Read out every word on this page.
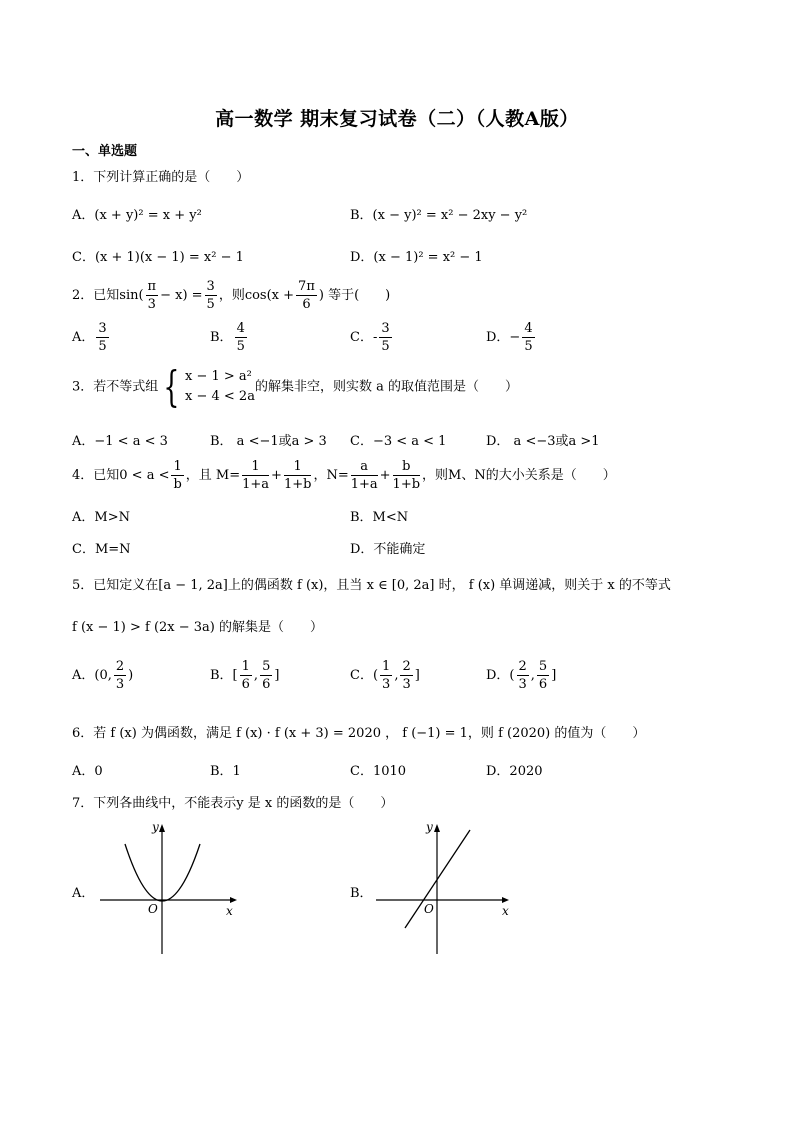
高一数学 期末复习试卷（二）（人教A版）
一、单选题
1．下列计算正确的是（　　）
A．(x + y)² = x + y²	B．(x − y)² = x² − 2xy − y²
C．(x + 1)(x − 1) = x² − 1	D．(x − 1)² = x² − 1
2．已知$\sin( \frac{\pi}{3} - x) = \frac{3}{5}$ ，则$\cos(x + \frac{7\pi}{6}$ ) 等于(　　)
A． $\frac{3}{5}$	B． $\frac{4}{5}$	C．- $\frac{3}{5}$	D．− $\frac{4}{5}$
3．若不等式组 { x − 1 > a²
x − 4 < 2a的解集非空，则实数 a 的取值范围是（　　）
A．−1 < a < 3	B． a <−1或a > 3 C．−3 < a < 1	D． a <−3或a >1
4．已知$0 < a < \frac{1}{b}$ ，且 $M= \frac{1}{1+a} + \frac{1}{1+b}$ ，$N= \frac{a}{1+a} + \frac{b}{1+b}$ ，则M、N的大小关系是（　　）
A．M>N	B．M<N
C．M=N	D．不能确定
5．已知定义在[a − 1, 2a]上的偶函数 f (x)，且当 x ∈ [0, 2a] 时， f (x) 单调递减，则关于 x 的不等式
f (x − 1) > f (2x − 3a) 的解集是（　　）
A．(0, $\frac{2}{3}$ )	B．[ $\frac{1}{6}$ , $\frac{5}{6}$ ]	C．( $\frac{1}{3}$ , $\frac{2}{3}$ ]	D．( $\frac{2}{3}$ , $\frac{5}{6}$ ]
6．若 f (x) 为偶函数，满足 f (x) · f (x + 3) = 2020 ， f (−1) = 1，则 f (2020) 的值为（　　）
A．0	B．1	C．1010	D．2020
7．下列各曲线中，不能表示y 是 x 的函数的是（　　）
A．	B．
y
x
O
y
x
O
